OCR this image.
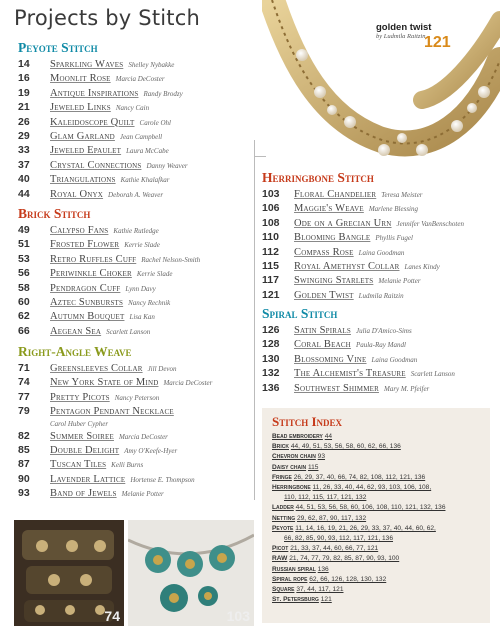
Projects by Stitch	golden twist
by Ludmila Raitzin
121
Peyote Stitch
14	Sparkling Waves Shelley Nybakke
16	Moonlit Rose Marcia DeCoster
19	Antique Inspirations Randy Brodzy
21	Jeweled Links Nancy Cain
26	Kaleidoscope Quilt Carole Ohl
29	Glam Garland Jean Campbell
33	Jeweled Epaulet Laura McCabe
37	Crystal Connections Danny Weaver
40	Triangulations Kathie Khalafkar
44	Royal Onyx Deborah A. Weaver
Brick Stitch
49	Calypso Fans Kathie Rutledge
51	Frosted Flower Kerrie Slade
53	Retro Ruffles Cuff Rachel Nelson-Smith
56	Periwinkle Choker Kerrie Slade
58	Pendragon Cuff Lynn Davy
60	Aztec Sunbursts Nancy Rechnik
62	Autumn Bouquet Lisa Kan
66	Aegean Sea Scarlett Lanson
Right-Angle Weave
71	Greensleeves Collar Jill Devon
74	New York State of Mind Marcia DeCoster
77	Pretty Picots Nancy Peterson
79	Pentagon Pendant Necklace
Carol Huber Cypher
82	Summer Soiree Marcia DeCoster
85	Double Delight Amy O'Keefe-Hyer
87	Tuscan Tiles Kelli Burns
90	Lavender Lattice Hortense E. Thompson
93	Band of Jewels Melanie Potter
Herringbone Stitch
103	Floral Chandelier Teresa Meister
106	Maggie's Weave Marlene Blessing
108	Ode on a Grecian Urn Jennifer VanBenschoten
110	Blooming Bangle Phyllis Fugel
112	Compass Rose Laina Goodman
115	Royal Amethyst Collar Lanes Kindy
117	Swinging Starlets Melanie Potter
121	Golden Twist Ludmila Raitzin
Spiral Stitch
126	Satin Spirals Julia D'Amico-Sims
128	Coral Beach Paula-Ray Mandl
130	Blossoming Vine Laina Goodman
132	The Alchemist's Treasure Scarlett Lanson
136	Southwest Shimmer Mary M. Pfeifer
Stitch Index
Bead embroidery 44
Brick 44, 49, 51, 53, 56, 58, 60, 62, 66, 136
Chevron chain 93
Daisy chain 115
Fringe 26, 29, 37, 40, 66, 74, 82, 108, 112, 121, 136
Herringbone 11, 26, 33, 40, 44, 62, 93, 103, 106, 108,
110, 112, 115, 117, 121, 132
Ladder 44, 51, 53, 56, 58, 60, 106, 108, 110, 121, 132, 136
Netting 29, 62, 87, 90, 117, 132
Peyote 11, 14, 16, 19, 21, 26, 29, 33, 37, 40, 44, 60, 62,
66, 82, 85, 90, 93, 112, 117, 121, 136
Picot 21, 33, 37, 44, 60, 66, 77, 121
RAW 21, 74, 77, 79, 82, 85, 87, 90, 93, 100
Russian spiral 136
Spiral rope 62, 66, 126, 128, 130, 132
Square 37, 44, 117, 121
St. Petersburg 121
74	103
